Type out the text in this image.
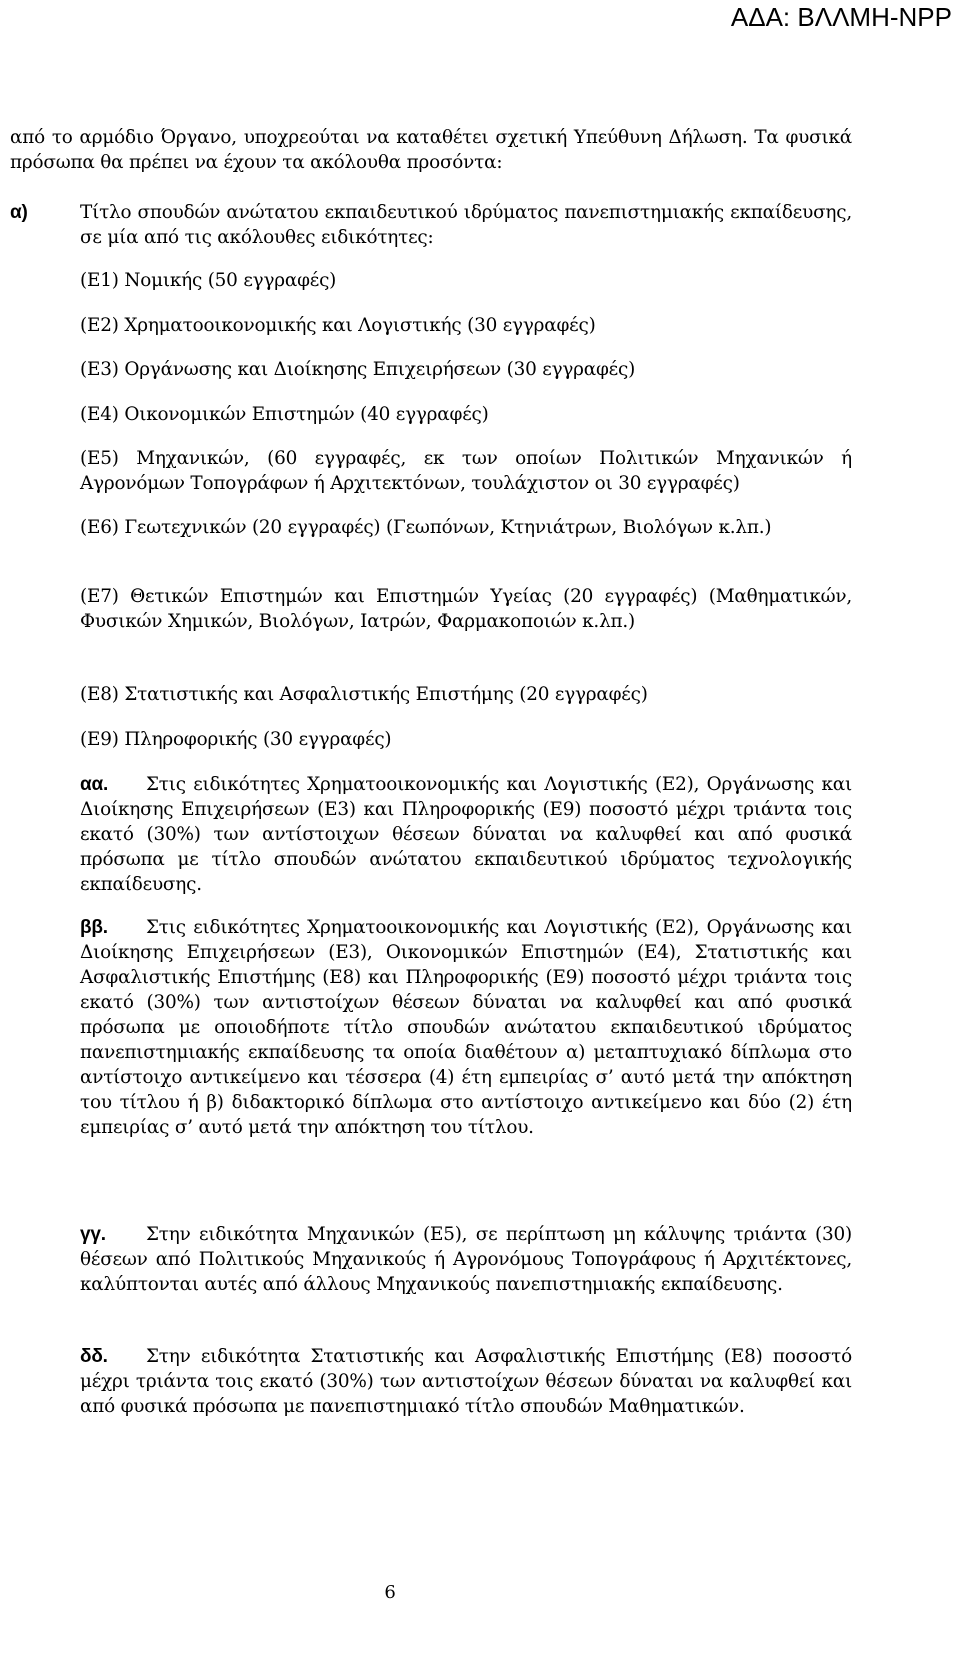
ΑΔΑ: ΒΛΛΜΗ-ΝΡΡ
από το αρμόδιο Όργανο, υποχρεούται να καταθέτει σχετική Υπεύθυνη Δήλωση. Τα φυσικά πρόσωπα θα πρέπει να έχουν τα ακόλουθα προσόντα:
α)	Τίτλο σπουδών ανώτατου εκπαιδευτικού ιδρύματος πανεπιστημιακής εκπαίδευσης, σε μία από τις ακόλουθες ειδικότητες:
(Ε1) Νομικής (50 εγγραφές)
(Ε2) Χρηματοοικονομικής και Λογιστικής (30 εγγραφές)
(Ε3) Οργάνωσης και Διοίκησης Επιχειρήσεων (30 εγγραφές)
(Ε4) Οικονομικών Επιστημών (40 εγγραφές)
(Ε5) Μηχανικών, (60 εγγραφές, εκ των οποίων Πολιτικών Μηχανικών ή Αγρονόμων Τοπογράφων ή Αρχιτεκτόνων, τουλάχιστον οι 30 εγγραφές)
(Ε6) Γεωτεχνικών (20 εγγραφές) (Γεωπόνων, Κτηνιάτρων, Βιολόγων κ.λπ.)
(Ε7) Θετικών Επιστημών και Επιστημών Υγείας (20 εγγραφές) (Μαθηματικών, Φυσικών Χημικών, Βιολόγων, Ιατρών, Φαρμακοποιών κ.λπ.)
(Ε8) Στατιστικής και Ασφαλιστικής Επιστήμης (20 εγγραφές)
(Ε9) Πληροφορικής (30 εγγραφές)
αα. Στις ειδικότητες Χρηματοοικονομικής και Λογιστικής (Ε2), Οργάνωσης και Διοίκησης Επιχειρήσεων (Ε3) και Πληροφορικής (Ε9) ποσοστό μέχρι τριάντα τοις εκατό (30%) των αντίστοιχων θέσεων δύναται να καλυφθεί και από φυσικά πρόσωπα με τίτλο σπουδών ανώτατου εκπαιδευτικού ιδρύματος τεχνολογικής εκπαίδευσης.
ββ. Στις ειδικότητες Χρηματοοικονομικής και Λογιστικής (Ε2), Οργάνωσης και Διοίκησης Επιχειρήσεων (Ε3), Οικονομικών Επιστημών (Ε4), Στατιστικής και Ασφαλιστικής Επιστήμης (Ε8) και Πληροφορικής (Ε9) ποσοστό μέχρι τριάντα τοις εκατό (30%) των αντιστοίχων θέσεων δύναται να καλυφθεί και από φυσικά πρόσωπα με οποιοδήποτε τίτλο σπουδών ανώτατου εκπαιδευτικού ιδρύματος πανεπιστημιακής εκπαίδευσης τα οποία διαθέτουν α) μεταπτυχιακό δίπλωμα στο αντίστοιχο αντικείμενο και τέσσερα (4) έτη εμπειρίας σ’ αυτό μετά την απόκτηση του τίτλου ή β) διδακτορικό δίπλωμα στο αντίστοιχο αντικείμενο και δύο (2) έτη εμπειρίας σ’ αυτό μετά την απόκτηση του τίτλου.
γγ. Στην ειδικότητα Μηχανικών (Ε5), σε περίπτωση μη κάλυψης τριάντα (30) θέσεων από Πολιτικούς Μηχανικούς ή Αγρονόμους Τοπογράφους ή Αρχιτέκτονες, καλύπτονται αυτές από άλλους Μηχανικούς πανεπιστημιακής εκπαίδευσης.
δδ. Στην ειδικότητα Στατιστικής και Ασφαλιστικής Επιστήμης (Ε8) ποσοστό μέχρι τριάντα τοις εκατό (30%) των αντιστοίχων θέσεων δύναται να καλυφθεί και από φυσικά πρόσωπα με πανεπιστημιακό τίτλο σπουδών Μαθηματικών.
6
